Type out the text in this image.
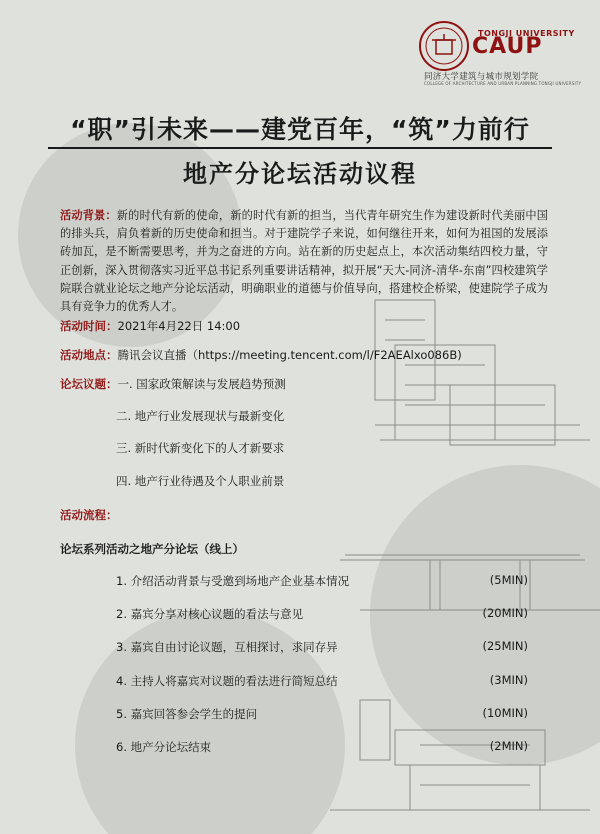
TONGJI UNIVERSITY
CAUP
同济大学建筑与城市规划学院
COLLEGE OF ARCHITECTURE AND URBAN PLANNING TONGJI UNIVERSITY
“职”引未来——建党百年，“筑”力前行
地产分论坛活动议程
活动背景：新的时代有新的使命，新的时代有新的担当，当代青年研究生作为建设新时代美丽中国的排头兵，肩负着新的历史使命和担当。对于建院学子来说，如何继往开来，如何为祖国的发展添砖加瓦，是不断需要思考，并为之奋进的方向。站在新的历史起点上，本次活动集结四校力量，守正创新，深入贯彻落实习近平总书记系列重要讲话精神，拟开展“天大-同济-清华-东南”四校建筑学院联合就业论坛之地产分论坛活动，明确职业的道德与价值导向，搭建校企桥梁，使建院学子成为具有竞争力的优秀人才。
活动时间：2021年4月22日 14:00
活动地点：腾讯会议直播（https://meeting.tencent.com/l/F2AEAlxo086B)
论坛议题：一. 国家政策解读与发展趋势预测
二. 地产行业发展现状与最新变化
三. 新时代新变化下的人才新要求
四. 地产行业待遇及个人职业前景
活动流程：
论坛系列活动之地产分论坛（线上）
1. 介绍活动背景与受邀到场地产企业基本情况	(5MIN)
2. 嘉宾分享对核心议题的看法与意见	(20MIN)
3. 嘉宾自由讨论议题，互相探讨，求同存异	(25MIN)
4. 主持人将嘉宾对议题的看法进行简短总结	(3MIN)
5. 嘉宾回答参会学生的提问	(10MIN)
6. 地产分论坛结束	(2MIN)
